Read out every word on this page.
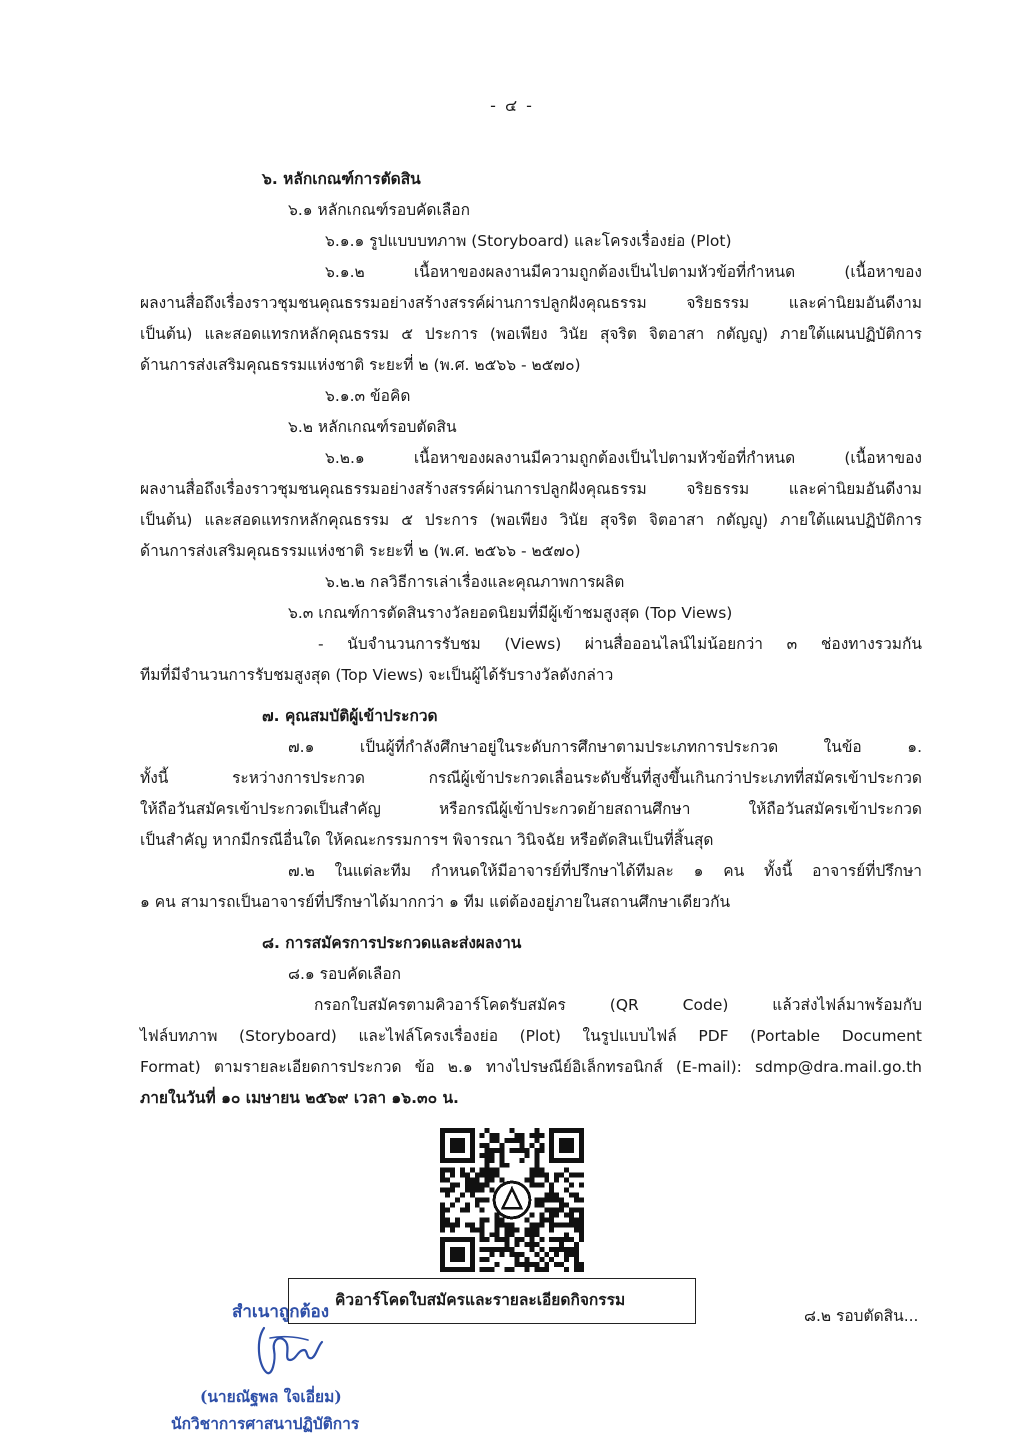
- ๔ -
๖. หลักเกณฑ์การตัดสิน
๖.๑ หลักเกณฑ์รอบคัดเลือก
๖.๑.๑ รูปแบบบทภาพ (Storyboard) และโครงเรื่องย่อ (Plot)
๖.๑.๒ เนื้อหาของผลงานมีความถูกต้องเป็นไปตามหัวข้อที่กำหนด (เนื้อหาของ
ผลงานสื่อถึงเรื่องราวชุมชนคุณธรรมอย่างสร้างสรรค์ผ่านการปลูกฝังคุณธรรม จริยธรรม และค่านิยมอันดีงาม
เป็นต้น) และสอดแทรกหลักคุณธรรม ๕ ประการ (พอเพียง วินัย สุจริต จิตอาสา กตัญญู) ภายใต้แผนปฏิบัติการ
ด้านการส่งเสริมคุณธรรมแห่งชาติ ระยะที่ ๒ (พ.ศ. ๒๕๖๖ - ๒๕๗๐)
๖.๑.๓ ข้อคิด
๖.๒ หลักเกณฑ์รอบตัดสิน
๖.๒.๑ เนื้อหาของผลงานมีความถูกต้องเป็นไปตามหัวข้อที่กำหนด (เนื้อหาของ
ผลงานสื่อถึงเรื่องราวชุมชนคุณธรรมอย่างสร้างสรรค์ผ่านการปลูกฝังคุณธรรม จริยธรรม และค่านิยมอันดีงาม
เป็นต้น) และสอดแทรกหลักคุณธรรม ๕ ประการ (พอเพียง วินัย สุจริต จิตอาสา กตัญญู) ภายใต้แผนปฏิบัติการ
ด้านการส่งเสริมคุณธรรมแห่งชาติ ระยะที่ ๒ (พ.ศ. ๒๕๖๖ - ๒๕๗๐)
๖.๒.๒ กลวิธีการเล่าเรื่องและคุณภาพการผลิต
๖.๓ เกณฑ์การตัดสินรางวัลยอดนิยมที่มีผู้เข้าชมสูงสุด (Top Views)
- นับจำนวนการรับชม (Views) ผ่านสื่อออนไลน์ไม่น้อยกว่า ๓ ช่องทางรวมกัน
ทีมที่มีจำนวนการรับชมสูงสุด (Top Views) จะเป็นผู้ได้รับรางวัลดังกล่าว
๗. คุณสมบัติผู้เข้าประกวด
๗.๑ เป็นผู้ที่กำลังศึกษาอยู่ในระดับการศึกษาตามประเภทการประกวด ในข้อ ๑.
ทั้งนี้ ระหว่างการประกวด กรณีผู้เข้าประกวดเลื่อนระดับชั้นที่สูงขึ้นเกินกว่าประเภทที่สมัครเข้าประกวด
ให้ถือวันสมัครเข้าประกวดเป็นสำคัญ หรือกรณีผู้เข้าประกวดย้ายสถานศึกษา ให้ถือวันสมัครเข้าประกวด
เป็นสำคัญ หากมีกรณีอื่นใด ให้คณะกรรมการฯ พิจารณา วินิจฉัย หรือตัดสินเป็นที่สิ้นสุด
๗.๒ ในแต่ละทีม กำหนดให้มีอาจารย์ที่ปรึกษาได้ทีมละ ๑ คน ทั้งนี้ อาจารย์ที่ปรึกษา
๑ คน สามารถเป็นอาจารย์ที่ปรึกษาได้มากกว่า ๑ ทีม แต่ต้องอยู่ภายในสถานศึกษาเดียวกัน
๘. การสมัครการประกวดและส่งผลงาน
๘.๑ รอบคัดเลือก
กรอกใบสมัครตามคิวอาร์โคดรับสมัคร (QR Code) แล้วส่งไฟล์มาพร้อมกับ
ไฟล์บทภาพ (Storyboard) และไฟล์โครงเรื่องย่อ (Plot) ในรูปแบบไฟล์ PDF (Portable Document
Format) ตามรายละเอียดการประกวด ข้อ ๒.๑ ทางไปรษณีย์อิเล็กทรอนิกส์ (E-mail): sdmp@dra.mail.go.th
ภายในวันที่ ๑๐ เมษายน ๒๕๖๙ เวลา ๑๖.๓๐ น.
คิวอาร์โคดใบสมัครและรายละเอียดกิจกรรม
สำเนาถูกต้อง
(นายณัฐพล ใจเอี่ยม)
นักวิชาการศาสนาปฏิบัติการ
๘.๒ รอบตัดสิน...
